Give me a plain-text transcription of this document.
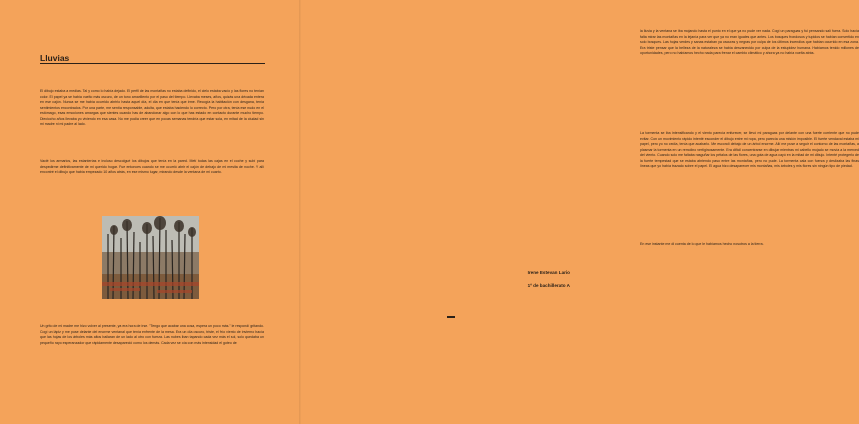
Lluvias

El dibujo estaba a medias. Tal y como lo había dejado. El perfil de las montañas no estaba definido, el cielo estaba vacío y las flores no tenían color. El papel ya se había vuelto más oscuro, de un tono amarillento por el paso del tiempo. Llevaba meses, años, quizás una década entera en ese cajón. Nunca se me había ocurrido abrirlo hasta aquel día, el día en que tenía que irme. Recogía la habitación con desgana, tenía sentimientos encontrados. Por una parte, me sentía responsable, adulta, que estaba haciendo lo correcto. Pero por otra, tenía ese nudo en el estómago, esas emociones amargas que sientes cuando has de abandonar algo con lo que has estado en contacto durante mucho tiempo. Dieciocho años llevaba yo viviendo en esa casa. No me podía creer que en pocas semanas tendría que estar sola, en mitad de la ciudad sin mi madre ni mi padre al lado.

Vacié los armarios, las estanterías e incluso descolgué los dibujos que tenía en la pared. Metí todas las cajas en el coche y subí para despedirme definitivamente de mi querido hogar. Fue entonces cuando se me ocurrió abrir el cajón de debajo de mi mesita de noche. Y allí encontré el dibujo que había empezado 10 años atrás, en ese mismo lugar, mirando desde la ventana de mi cuarto.

Un grito de mi madre me hizo volver al presente, ya era hora de irse. "Tengo que acabar una cosa, espera un poco más." le respondí gritando. Cogí un lápiz y me puse delante del enorme ventanal que tenía enfrente de la mesa. Era un día oscuro, triste, el frío viento de invierno hacía que las hojas de los árboles más altos bailaran de un lado al otro con fuerza. Las nubes iban tapando cada vez más el sol, solo quedaba un pequeño rayo esperanzador que rápidamente desapareció como los demás. Cada vez se oía con más intensidad el goteo de

la lluvia y la ventana se iba mojando hasta el punto en el que ya no pude ver nada. Cogí un paraguas y fui pensando salí fuera. Solo hacía falta mirar las montañas en la lejanía para ver que ya no eran iguales que antes. Los bosques frondosos y tupidos se habían convertido en solo bosques. Las hojas verdes y sanas estaban ya oscuras y negras por culpa de los últimos incendios que habían ocurrido en esa zona. Era triste pensar que la belleza de la naturaleza se había desvanecido por culpa de la estupidez humana. Habíamos tenido millones de oportunidades, pero no habíamos hecho nada para frenar el cambio climático y ahora ya no había vuelta atrás.

La tormenta se iba intensificando y el viento parecía enfurecer, se llevó mi paraguas por delante con una fuerte corriente que no pude evitar. Con un movimiento rápido intenté esconder el dibujo entre mi ropa, pero parecía una misión imposible. El fuerte vendaval estaba mi papel, pero yo no cedía, tenía que acabarlo. Me escondí debajo de un árbol enorme. Allí me puse a seguir el contorno de las montañas, a plasmar la tormenta en un remolino vertiginosamente. Era difícil concentrarse en dibujar mientras mi cabello mojado se movía a la merced del viento. Cuando solo me faltaba rasguñar los pétalos de las flores, una gota de agua cayó en la mitad de mi dibujo. Intenté protegerlo de la fuerte tempestad que se estaba abriendo paso entre las montañas, pero no pude. La tormenta cala con fuerza y deslizaba las finas líneas que yo había trazado sobre el papel. El agua hizo desaparecer mis montañas, mis árboles y mis flores sin ningún tipo de piedad.

En ese instante me di cuenta de lo que le habíamos hecho nosotros a la tierra.

Irene Estevan Lario
1º de bachillerato A
